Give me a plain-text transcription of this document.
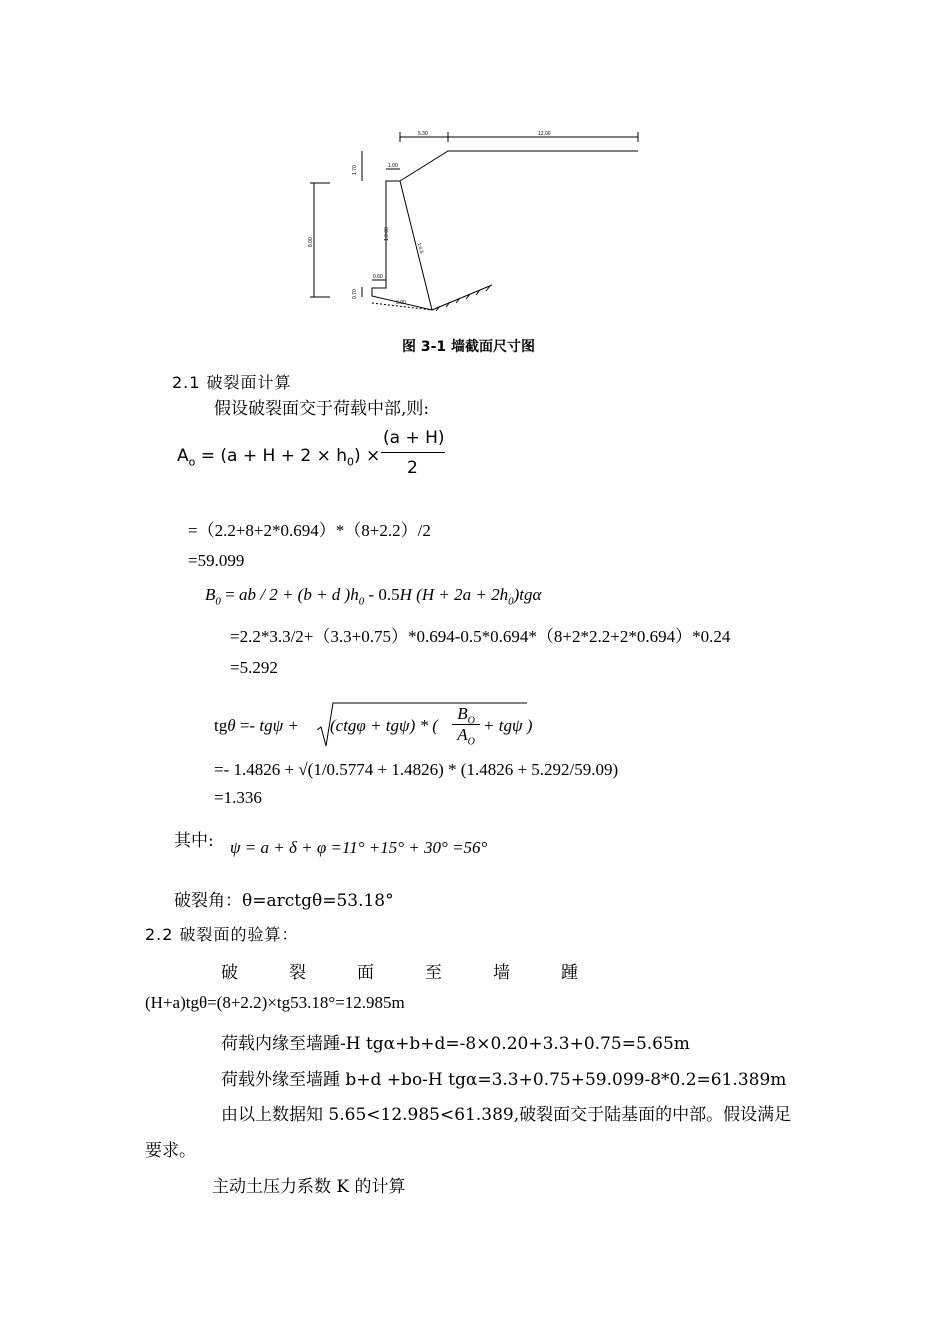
5.30	12.00
1.70	1.00
8.00
1:0.00
1:0.5
0.60
0.70
3.00
图 3-1 墙截面尺寸图
2.1 破裂面计算
假设破裂面交于荷载中部,则:
$A_o = (a + H + 2 \times h_0)$ ×
(a + H)
2
=（2.2+8+2*0.694）*（8+2.2）/2
=59.099
$B_0$ = ab / 2 + (b + d )$h_0 - 0.5H$ $(H + 2a + 2h_0)tg\alpha$
=2.2*3.3/2+（3.3+0.75）*0.694-0.5*0.694*（8+2*2.2+2*0.694）*0.24
=5.292
tgθ =- tgψ + (ctgφ + tgψ) * (
$B_O$
$A_O$
+ tgψ )
=- 1.4826 + √(1/0.5774 + 1.4826) * (1.4826 + 5.292/59.09)
=1.336
其中: ψ = a + δ + φ =11° +15° + 30° =56°
破裂角：θ=arctgθ=53.18°
2.2 破裂面的验算：
破	裂	面	至	墙	踵
(H+a)tgθ=(8+2.2)×tg53.18°=12.985m
荷载内缘至墙踵-H tgα+b+d=-8×0.20+3.3+0.75=5.65m
荷载外缘至墙踵 b+d +bo-H tgα=3.3+0.75+59.099-8*0.2=61.389m
由以上数据知 5.65<12.985<61.389,破裂面交于陆基面的中部。假设满足
要求。
主动土压力系数 K 的计算
